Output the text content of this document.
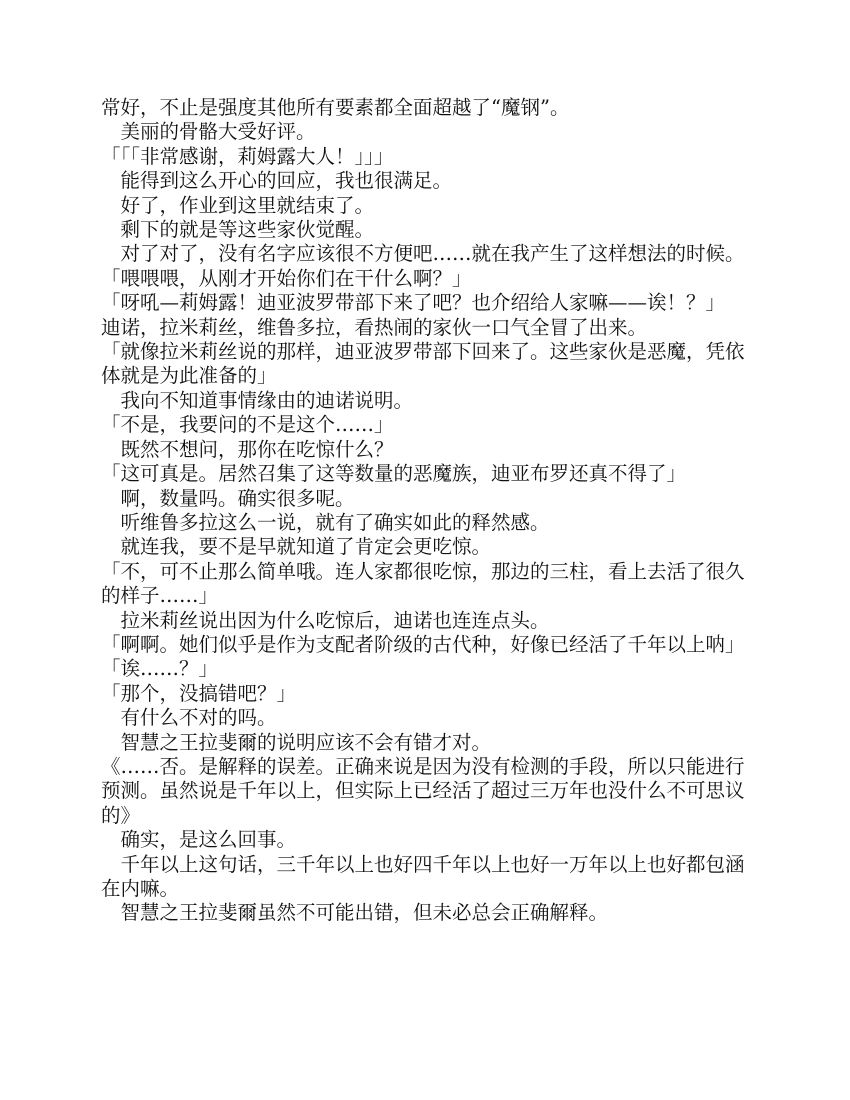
常好，不止是强度其他所有要素都全面超越了“魔钢”。

　美丽的骨骼大受好评。

「「「非常感谢，莉姆露大人！」」」

　能得到这么开心的回应，我也很满足。

　好了，作业到这里就结束了。

　剩下的就是等这些家伙觉醒。

　对了对了，没有名字应该很不方便吧……就在我产生了这样想法的时候。

「喂喂喂，从刚才开始你们在干什么啊？」

「呀吼—莉姆露！迪亚波罗带部下来了吧？也介绍给人家嘛——诶！？」

迪诺，拉米莉丝，维鲁多拉，看热闹的家伙一口气全冒了出来。

「就像拉米莉丝说的那样，迪亚波罗带部下回来了。这些家伙是恶魔，凭依体就是为此准备的」

　我向不知道事情缘由的迪诺说明。

「不是，我要问的不是这个……」

　既然不想问，那你在吃惊什么？

「这可真是。居然召集了这等数量的恶魔族，迪亚布罗还真不得了」

　啊，数量吗。确实很多呢。

　听维鲁多拉这么一说，就有了确实如此的释然感。

　就连我，要不是早就知道了肯定会更吃惊。

「不，可不止那么简单哦。连人家都很吃惊，那边的三柱，看上去活了很久的样子……」

　拉米莉丝说出因为什么吃惊后，迪诺也连连点头。

「啊啊。她们似乎是作为支配者阶级的古代种，好像已经活了千年以上呐」

「诶……？」

「那个，没搞错吧？」

　有什么不对的吗。

　智慧之王拉斐爾的说明应该不会有错才对。

《……否。是解释的误差。正确来说是因为没有检测的手段，所以只能进行预测。虽然说是千年以上，但实际上已经活了超过三万年也没什么不可思议的》

　确实，是这么回事。

　千年以上这句话，三千年以上也好四千年以上也好一万年以上也好都包涵在内嘛。

　智慧之王拉斐爾虽然不可能出错，但未必总会正确解释。
